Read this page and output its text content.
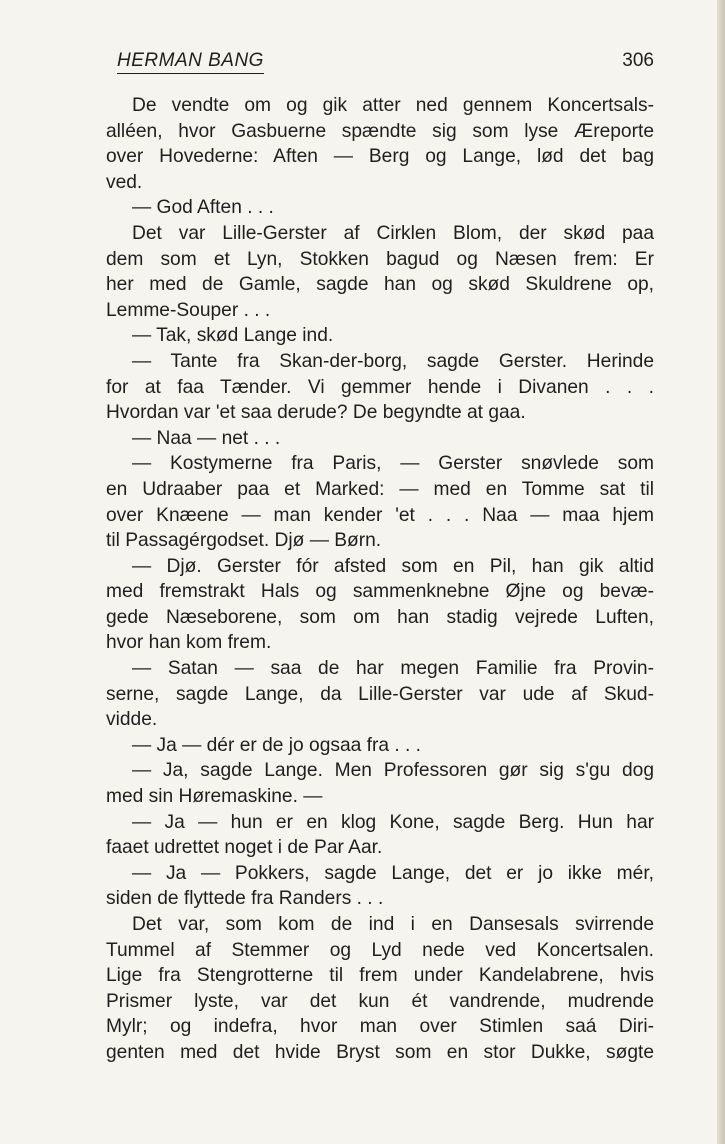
HERMAN BANG	306
De vendte om og gik atter ned gennem Koncertsals-
alléen, hvor Gasbuerne spændte sig som lyse Æreporte
over Hovederne: Aften — Berg og Lange, lød det bag
ved.
— God Aften . . .
Det var Lille-Gerster af Cirklen Blom, der skød paa
dem som et Lyn, Stokken bagud og Næsen frem: Er
her med de Gamle, sagde han og skød Skuldrene op,
Lemme-Souper . . .
— Tak, skød Lange ind.
— Tante fra Skan-der-borg, sagde Gerster. Herinde
for at faa Tænder. Vi gemmer hende i Divanen . . .
Hvordan var 'et saa derude? De begyndte at gaa.
— Naa — net . . .
— Kostymerne fra Paris, — Gerster snøvlede som
en Udraaber paa et Marked: — med en Tomme sat til
over Knæene — man kender 'et . . . Naa — maa hjem
til Passagérgodset. Djø — Børn.
— Djø. Gerster fór afsted som en Pil, han gik altid
med fremstrakt Hals og sammenknebne Øjne og bevæ-
gede Næseborene, som om han stadig vejrede Luften,
hvor han kom frem.
— Satan — saa de har megen Familie fra Provin-
serne, sagde Lange, da Lille-Gerster var ude af Skud-
vidde.
— Ja — dér er de jo ogsaa fra . . .
— Ja, sagde Lange. Men Professoren gør sig s'gu dog
med sin Høremaskine. —
— Ja — hun er en klog Kone, sagde Berg. Hun har
faaet udrettet noget i de Par Aar.
— Ja — Pokkers, sagde Lange, det er jo ikke mér,
siden de flyttede fra Randers . . .
Det var, som kom de ind i en Dansesals svirrende
Tummel af Stemmer og Lyd nede ved Koncertsalen.
Lige fra Stengrotterne til frem under Kandelabrene, hvis
Prismer lyste, var det kun ét vandrende, mudrende
Mylr; og indefra, hvor man over Stimlen saá Diri-
genten med det hvide Bryst som en stor Dukke, søgte
